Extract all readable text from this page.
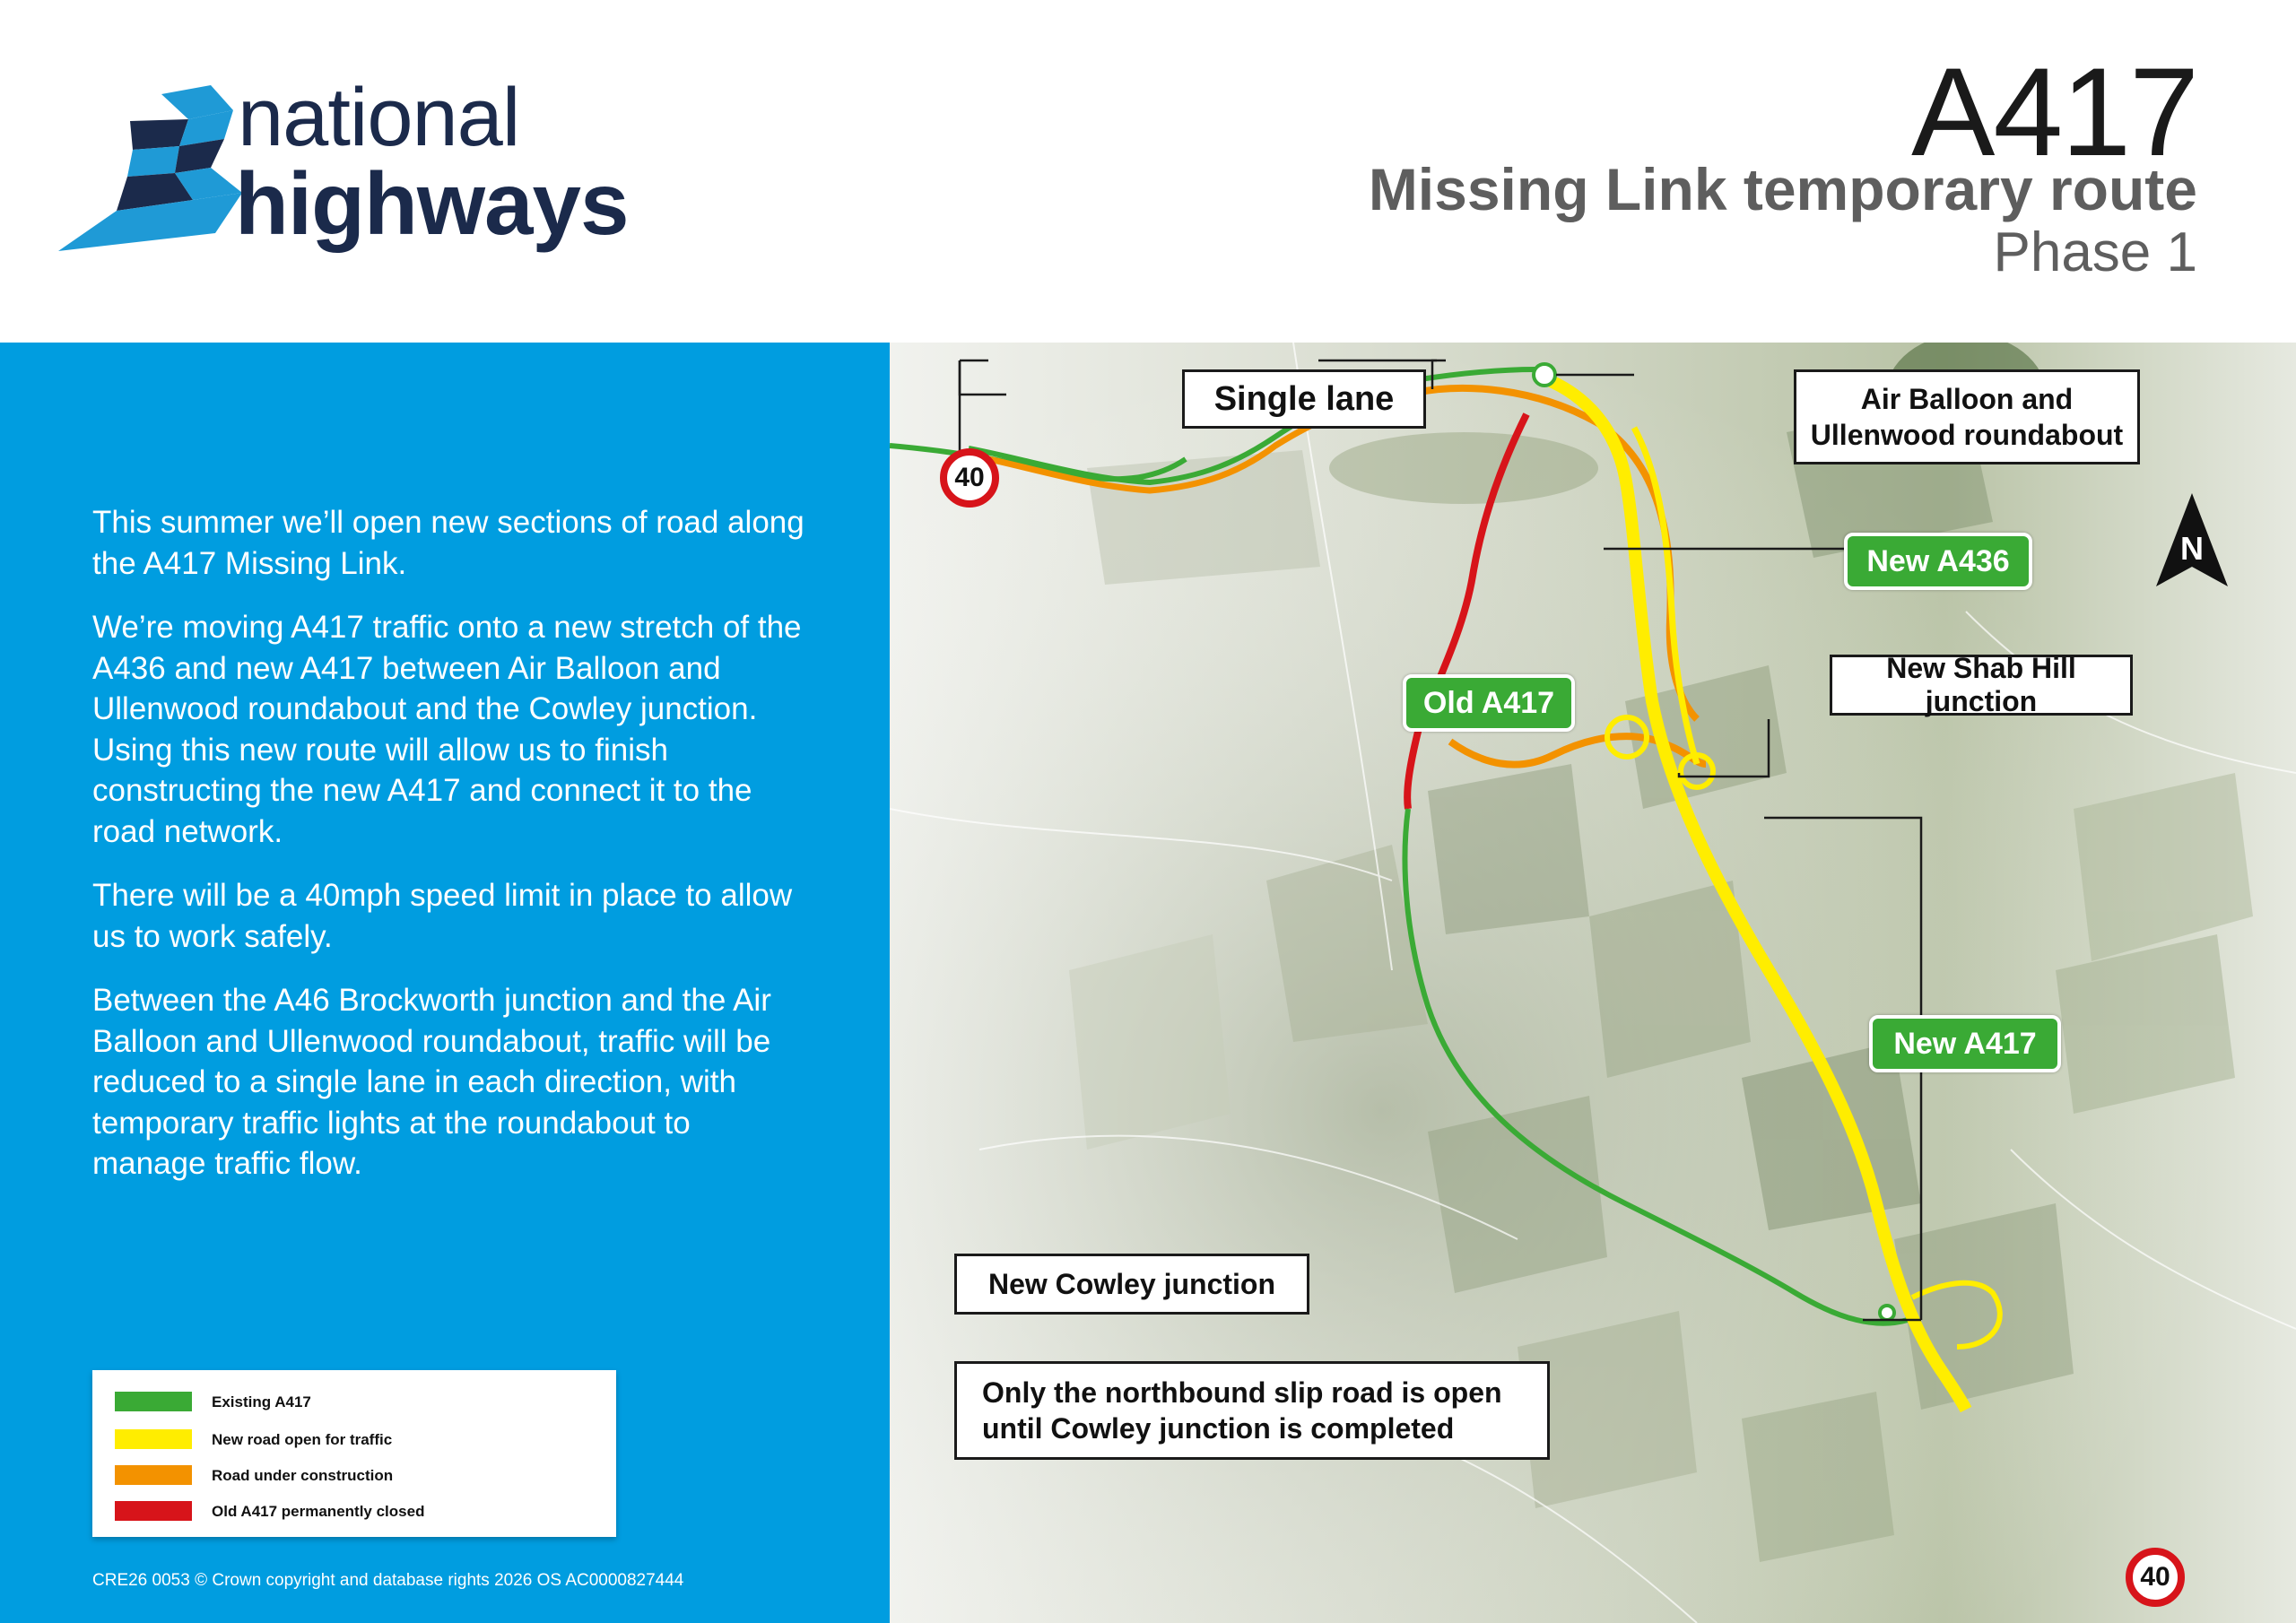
national
highways
A417
Missing Link temporary route
Phase 1

This summer we’ll open new sections of road along the A417 Missing Link.

We’re moving A417 traffic onto a new stretch of the A436 and new A417 between Air Balloon and Ullenwood roundabout and the Cowley junction. Using this new route will allow us to finish constructing the new A417 and connect it to the road network.

There will be a 40mph speed limit in place to allow us to work safely.

Between the A46 Brockworth junction and the Air Balloon and Ullenwood roundabout, traffic will be reduced to a single lane in each direction, with temporary traffic lights at the roundabout to manage traffic flow.

Existing A417
New road open for traffic
Road under construction
Old A417 permanently closed
CRE26 0053 © Crown copyright and database rights 2026 OS AC0000827444
Single lane	Air Balloon and
Ullenwood roundabout
New Shab Hill junction
New Cowley junction
Only the northbound slip road is open
until Cowley junction is completed
New A436
Old A417
New A417
40
40
N
